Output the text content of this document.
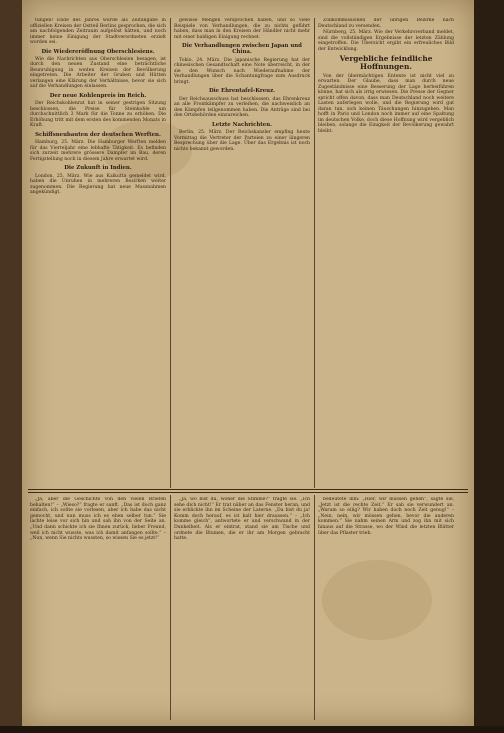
tungen! Ende des Jahres wurde als Zeitangabe in offiziellen Kreisen der Ostteil Berlins gesprochen, die sich am nachfolgenden Zeitraum aufgelöst hätten, und noch immer keine Einigung der Stadtverordneten erzielt worden sei.

Die Wiedereröffnung Oberschlesiens.

Wie die Nachrichten aus Oberschlesien besagen, ist durch den neuen Zustand eine beträchtliche Beunruhigung in weiten Kreisen der Bevölkerung eingetreten. Die Arbeiter der Gruben und Hütten verlangen eine Klärung der Verhältnisse, bevor sie sich auf die Verhandlungen einlassen.

Der neue Kohlenpreis im Reich.

Der Reichskohlenrat hat in seiner gestrigen Sitzung beschlossen, die Preise für Steinkohle um durchschnittlich 3 Mark für die Tonne zu erhöhen. Die Erhöhung tritt mit dem ersten des kommenden Monats in Kraft.

Schiffsneubauten der deutschen Werften.

Hamburg, 25. März. Die Hamburger Werften melden für das Vierteljahr eine lebhafte Tätigkeit. Es befinden sich zurzeit mehrere grössere Dampfer im Bau, deren Fertigstellung noch in diesem Jahre erwartet wird.

Die Zukunft in Indien.

London, 25. März. Wie aus Kalkutta gemeldet wird, haben die Unruhen in mehreren Bezirken weiter zugenommen. Die Regierung hat neue Massnahmen angekündigt.

gewisse Mengen versprochen haben, und so viele Beispiele von Verhandlungen, die zu nichts geführt haben, dass man in den Kreisen der Händler nicht mehr mit einer baldigen Einigung rechnet.

Die Verhandlungen zwischen Japan und China.

Tokio, 24. März. Die japanische Regierung hat der chinesischen Gesandtschaft eine Note überreicht, in der sie den Wunsch nach Wiederaufnahme der Verhandlungen über die Schantungfrage zum Ausdruck bringt.

Die Ehrentafel-Kreuz.

Der Reichsausschuss hat beschlossen, das Ehrenkreuz an alle Frontkämpfer zu verleihen, die nachweislich an den Kämpfen teilgenommen haben. Die Anträge sind bei den Ortsbehörden einzureichen.

Letzte Nachrichten.

Berlin, 25. März. Der Reichskanzler empfing heute Vormittag die Vertreter der Parteien zu einer längeren Besprechung über die Lage. Über das Ergebnis ist noch nichts bekannt geworden.

Zollkommissionen der übrigen Bezirke nach Deutschland zu versenden.

Nürnberg, 25. März. Wie der Verkehrsverband meldet, sind die vollständigen Ergebnisse der letzten Zählung eingetroffen. Die Übersicht ergibt ein erfreuliches Bild der Entwicklung.

Vergebliche feindliche Hoffnungen.

Von der übermächtigen Entente ist nicht viel zu erwarten. Der Glaube, dass man durch neue Zugeständnisse eine Besserung der Lage herbeiführen könne, hat sich als irrig erwiesen. Die Presse der Gegner spricht offen davon, dass man Deutschland noch weitere Lasten auferlegen wolle, und die Regierung wird gut daran tun, sich keinen Täuschungen hinzugeben. Man hofft in Paris und London noch immer auf eine Spaltung im deutschen Volke, doch diese Hoffnung wird vergeblich bleiben, solange die Einigkeit der Bevölkerung gewahrt bleibt.

„Ja, aber die Geschichte von den vielen Briefen behalten!“ – „Wieso?“ fragte er sanft. „Das ist doch ganz einfach, ich sollte sie vorlesen, aber ich habe das nicht gemocht, und nun muss ich es eben selber tun.“ Sie lachte leise vor sich hin und sah ihn von der Seite an. „Und dann schickte ich sie Ihnen zurück, lieber Freund, weil ich nicht wusste, was ich damit anfangen sollte.“ – „Nun, wenn Sie nichts wussten, so wissen Sie es jetzt!“

„Ja, wo bist du, woher die Stimme?“ fragte sie. „Ich sehe dich nicht!“ Er trat näher an das Fenster heran, und sie erblickte ihn im Scheine der Laterne. „Da bist du ja! Komm doch herauf, es ist kalt hier draussen.“ – „Ich komme gleich“, antwortete er und verschwand in der Dunkelheit. Als er eintrat, stand sie am Tische und ordnete die Blumen, die er ihr am Morgen gebracht hatte.

bedeutete ihm: „Hier, wir müssen gehen“, sagte sie, „Jetzt ist die rechte Zeit.“ Er sah sie verwundert an. „Warum so eilig? Wir haben doch noch Zeit genug!“ – „Nein, nein, wir müssen gehen, bevor die anderen kommen.“ Sie nahm seinen Arm und zog ihn mit sich hinaus auf die Strasse, wo der Wind die letzten Blätter über das Pflaster trieb.
